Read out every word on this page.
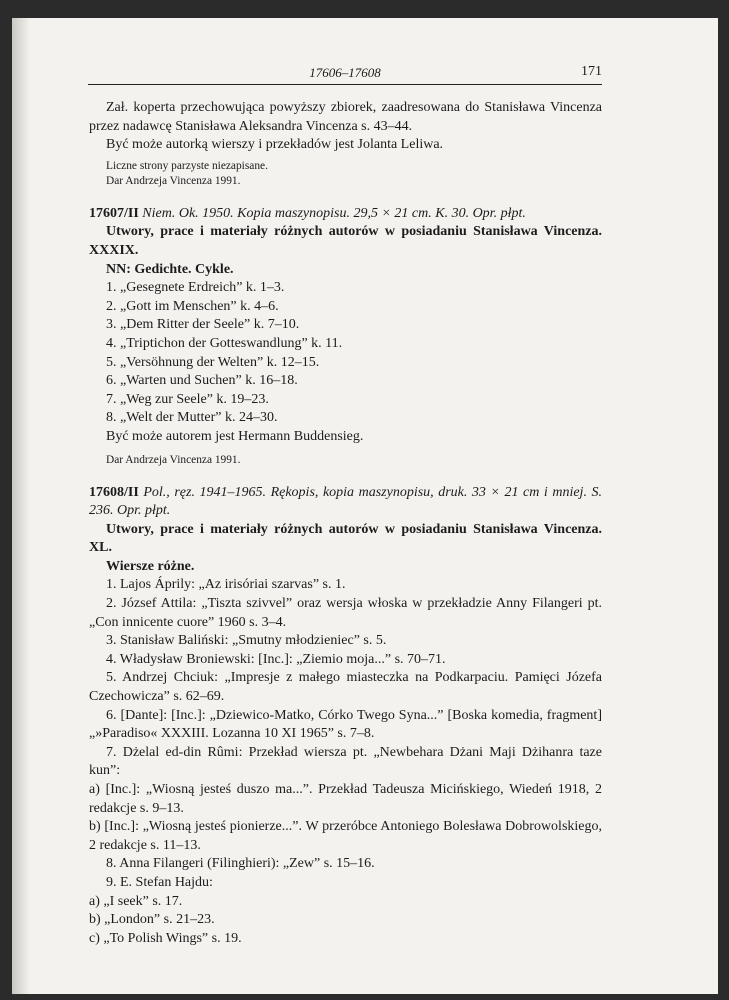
17606–17608	171

Zał. koperta przechowująca powyższy zbiorek, zaadresowana do Stanisława Vincenza przez nadawcę Stanisława Aleksandra Vincenza s. 43–44.

Być może autorką wierszy i przekładów jest Jolanta Leliwa.

Liczne strony parzyste niezapisane.

Dar Andrzeja Vincenza 1991.

17607/II Niem. Ok. 1950. Kopia maszynopisu. 29,5 × 21 cm. K. 30. Opr. płpt.

Utwory, prace i materiały różnych autorów w posiadaniu Stanisława Vincenza. XXXIX.

NN: Gedichte. Cykle.

1. „Gesegnete Erdreich” k. 1–3.

2. „Gott im Menschen” k. 4–6.

3. „Dem Ritter der Seele” k. 7–10.

4. „Triptichon der Gotteswandlung” k. 11.

5. „Versöhnung der Welten” k. 12–15.

6. „Warten und Suchen” k. 16–18.

7. „Weg zur Seele” k. 19–23.

8. „Welt der Mutter” k. 24–30.

Być może autorem jest Hermann Buddensieg.

Dar Andrzeja Vincenza 1991.

17608/II Pol., ręz. 1941–1965. Rękopis, kopia maszynopisu, druk. 33 × 21 cm i mniej. S. 236. Opr. płpt.

Utwory, prace i materiały różnych autorów w posiadaniu Stanisława Vincenza. XL.

Wiersze różne.

1. Lajos Áprily: „Az irisóriai szarvas” s. 1.

2. József Attila: „Tiszta szivvel” oraz wersja włoska w przekładzie Anny Filangeri pt. „Con innicente cuore” 1960 s. 3–4.

3. Stanisław Baliński: „Smutny młodzieniec” s. 5.

4. Władysław Broniewski: [Inc.]: „Ziemio moja...” s. 70–71.

5. Andrzej Chciuk: „Impresje z małego miasteczka na Podkarpaciu. Pamięci Józefa Czechowicza” s. 62–69.

6. [Dante]: [Inc.]: „Dziewico-Matko, Córko Twego Syna...” [Boska komedia, fragment] „»Paradiso« XXXIII. Lozanna 10 XI 1965” s. 7–8.

7. Dżelal ed-din Rûmi: Przekład wiersza pt. „Newbehara Dżani Maji Dżihanra taze kun”:

a) [Inc.]: „Wiosną jesteś duszo ma...”. Przekład Tadeusza Micińskiego, Wiedeń 1918, 2 redakcje s. 9–13.

b) [Inc.]: „Wiosną jesteś pionierze...”. W przeróbce Antoniego Bolesława Dobrowolskiego, 2 redakcje s. 11–13.

8. Anna Filangeri (Filinghieri): „Zew” s. 15–16.

9. E. Stefan Hajdu:

a) „I seek” s. 17.

b) „London” s. 21–23.

c) „To Polish Wings” s. 19.
